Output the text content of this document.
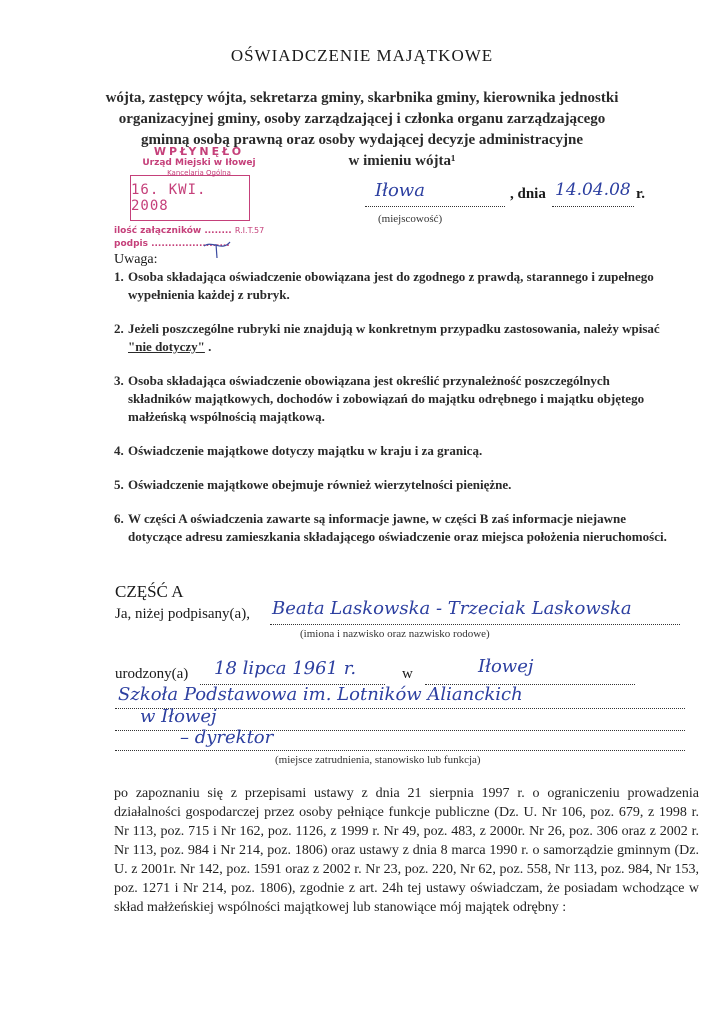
OŚWIADCZENIE MAJĄTKOWE
wójta, zastępcy wójta, sekretarza gminy, skarbnika gminy, kierownika jednostki
organizacyjnej gminy, osoby zarządzającej i członka organu zarządzającego
gminną osobą prawną oraz osoby wydającej decyzje administracyjne
w imieniu wójta¹
WPŁYNĘŁO
Urząd Miejski w Iłowej
Kancelaria Ogólna
16. KWI. 2008
ilość załączników ........ R.I.T.57
podpis .......................
Iłowa	, dnia 14.04.08 r.
(miejscowość)
Uwaga:
1. Osoba składająca oświadczenie obowiązana jest do zgodnego z prawdą, starannego i zupełnego wypełnienia każdej z rubryk.
2. Jeżeli poszczególne rubryki nie znajdują w konkretnym przypadku zastosowania, należy wpisać "nie dotyczy" .
3. Osoba składająca oświadczenie obowiązana jest określić przynależność poszczególnych składników majątkowych, dochodów i zobowiązań do majątku odrębnego i majątku objętego małżeńską wspólnością majątkową.
4. Oświadczenie majątkowe dotyczy majątku w kraju i za granicą.
5. Oświadczenie majątkowe obejmuje również wierzytelności pieniężne.
6. W części A oświadczenia zawarte są informacje jawne, w części B zaś informacje niejawne dotyczące adresu zamieszkania składającego oświadczenie oraz miejsca położenia nieruchomości.
CZĘŚĆ A
Ja, niżej podpisany(a), Beata Laskowska - Trzeciak Laskowska
(imiona i nazwisko oraz nazwisko rodowe)
urodzony(a) 18 lipca 1961 r.	w	Iłowej
Szkoła Podstawowa im. Lotników Alianckich
w Iłowej
– dyrektor
(miejsce zatrudnienia, stanowisko lub funkcja)
po zapoznaniu się z przepisami ustawy z dnia 21 sierpnia 1997 r. o ograniczeniu prowadzenia działalności gospodarczej przez osoby pełniące funkcje publiczne (Dz. U. Nr 106, poz. 679, z 1998 r. Nr 113, poz. 715 i Nr 162, poz. 1126, z 1999 r. Nr 49, poz. 483, z 2000r. Nr 26, poz. 306 oraz z 2002 r. Nr 113, poz. 984 i Nr 214, poz. 1806) oraz ustawy z dnia 8 marca 1990 r. o samorządzie gminnym (Dz. U. z 2001r. Nr 142, poz. 1591 oraz z 2002 r. Nr 23, poz. 220, Nr 62, poz. 558, Nr 113, poz. 984, Nr 153, poz. 1271 i Nr 214, poz. 1806), zgodnie z art. 24h tej ustawy oświadczam, że posiadam wchodzące w skład małżeńskiej wspólności majątkowej lub stanowiące mój majątek odrębny :
